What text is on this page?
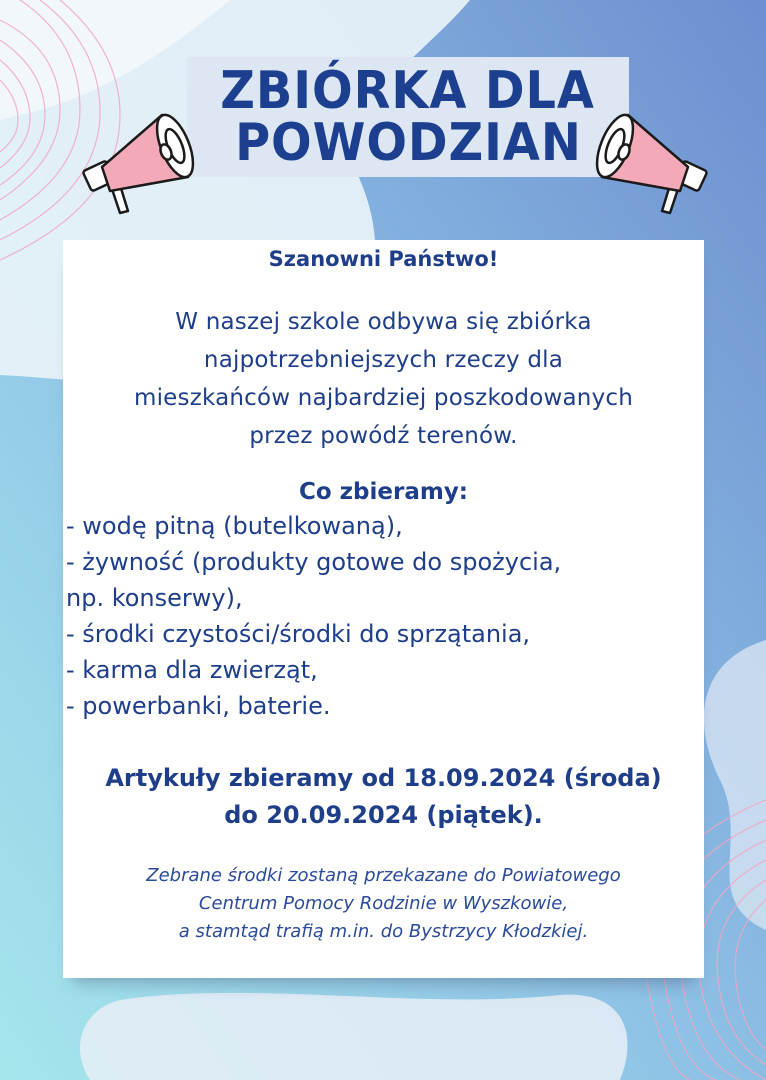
ZBIÓRKA DLA
POWODZIAN
Szanowni Państwo!
W naszej szkole odbywa się zbiórka
najpotrzebniejszych rzeczy dla
mieszkańców najbardziej poszkodowanych
przez powódź terenów.
Co zbieramy:
- wodę pitną (butelkowaną),
- żywność (produkty gotowe do spożycia,
np. konserwy),
- środki czystości/środki do sprzątania,
- karma dla zwierząt,
- powerbanki, baterie.
Artykuły zbieramy od 18.09.2024 (środa)
do 20.09.2024 (piątek).
Zebrane środki zostaną przekazane do Powiatowego
Centrum Pomocy Rodzinie w Wyszkowie,
a stamtąd trafią m.in. do Bystrzycy Kłodzkiej.
